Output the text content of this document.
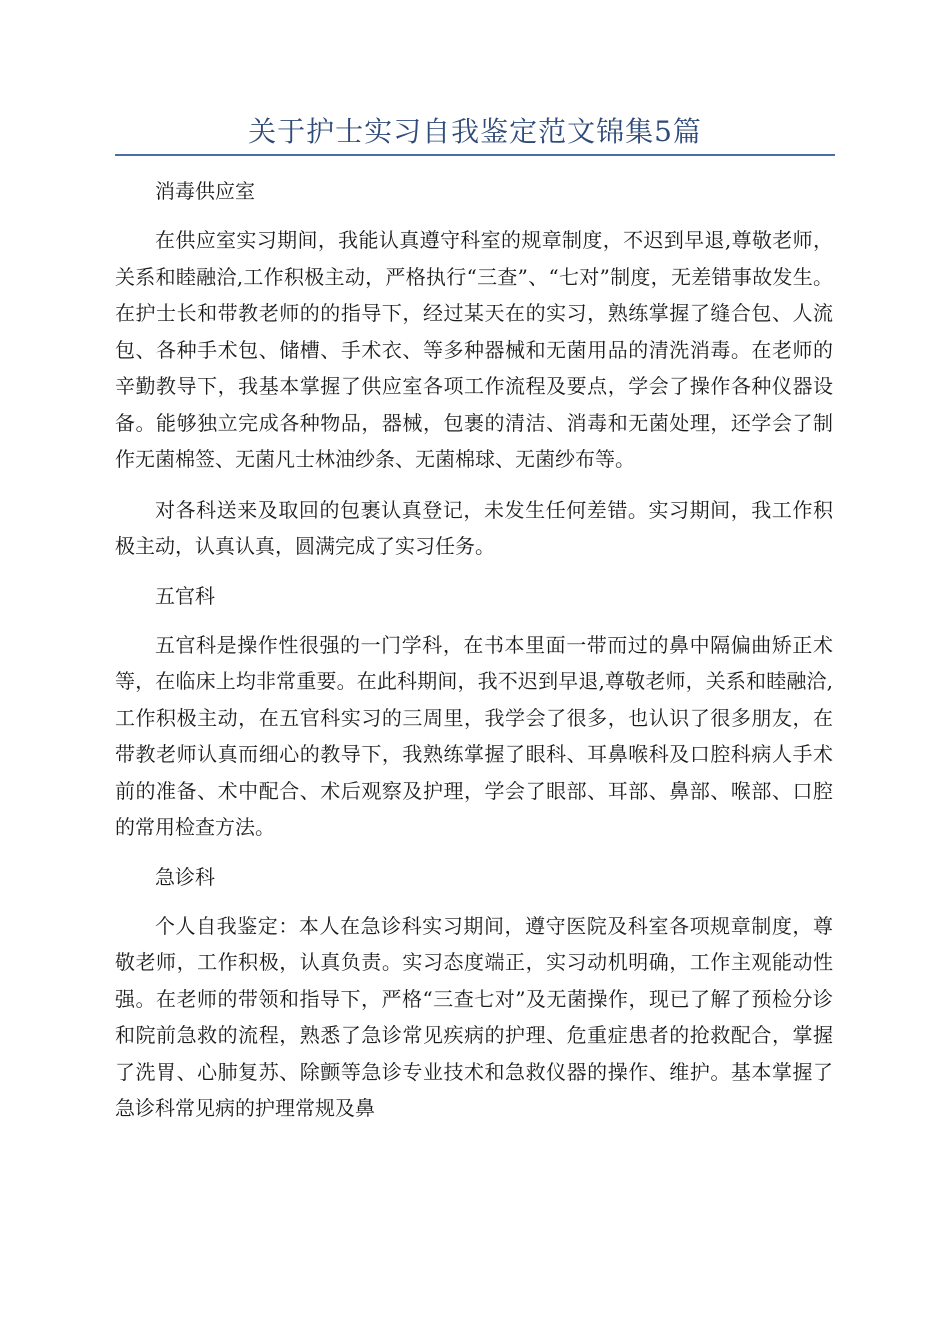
关于护士实习自我鉴定范文锦集5篇

消毒供应室

在供应室实习期间，我能认真遵守科室的规章制度，不迟到早退,尊敬老师，关系和睦融洽,工作积极主动，严格执行“三查”、“七对”制度，无差错事故发生。在护士长和带教老师的的指导下，经过某天在的实习，熟练掌握了缝合包、人流包、各种手术包、储槽、手术衣、等多种器械和无菌用品的清洗消毒。在老师的辛勤教导下，我基本掌握了供应室各项工作流程及要点，学会了操作各种仪器设备。能够独立完成各种物品，器械，包裹的清洁、消毒和无菌处理，还学会了制作无菌棉签、无菌凡士林油纱条、无菌棉球、无菌纱布等。

对各科送来及取回的包裹认真登记，未发生任何差错。实习期间，我工作积极主动，认真认真，圆满完成了实习任务。

五官科

五官科是操作性很强的一门学科，在书本里面一带而过的鼻中隔偏曲矫正术等，在临床上均非常重要。在此科期间，我不迟到早退,尊敬老师，关系和睦融洽,工作积极主动，在五官科实习的三周里，我学会了很多，也认识了很多朋友，在带教老师认真而细心的教导下，我熟练掌握了眼科、耳鼻喉科及口腔科病人手术前的准备、术中配合、术后观察及护理，学会了眼部、耳部、鼻部、喉部、口腔的常用检查方法。

急诊科

个人自我鉴定：本人在急诊科实习期间，遵守医院及科室各项规章制度，尊敬老师，工作积极，认真负责。实习态度端正，实习动机明确，工作主观能动性强。在老师的带领和指导下，严格“三查七对”及无菌操作，现已了解了预检分诊和院前急救的流程，熟悉了急诊常见疾病的护理、危重症患者的抢救配合，掌握了洗胃、心肺复苏、除颤等急诊专业技术和急救仪器的操作、维护。基本掌握了急诊科常见病的护理常规及鼻
